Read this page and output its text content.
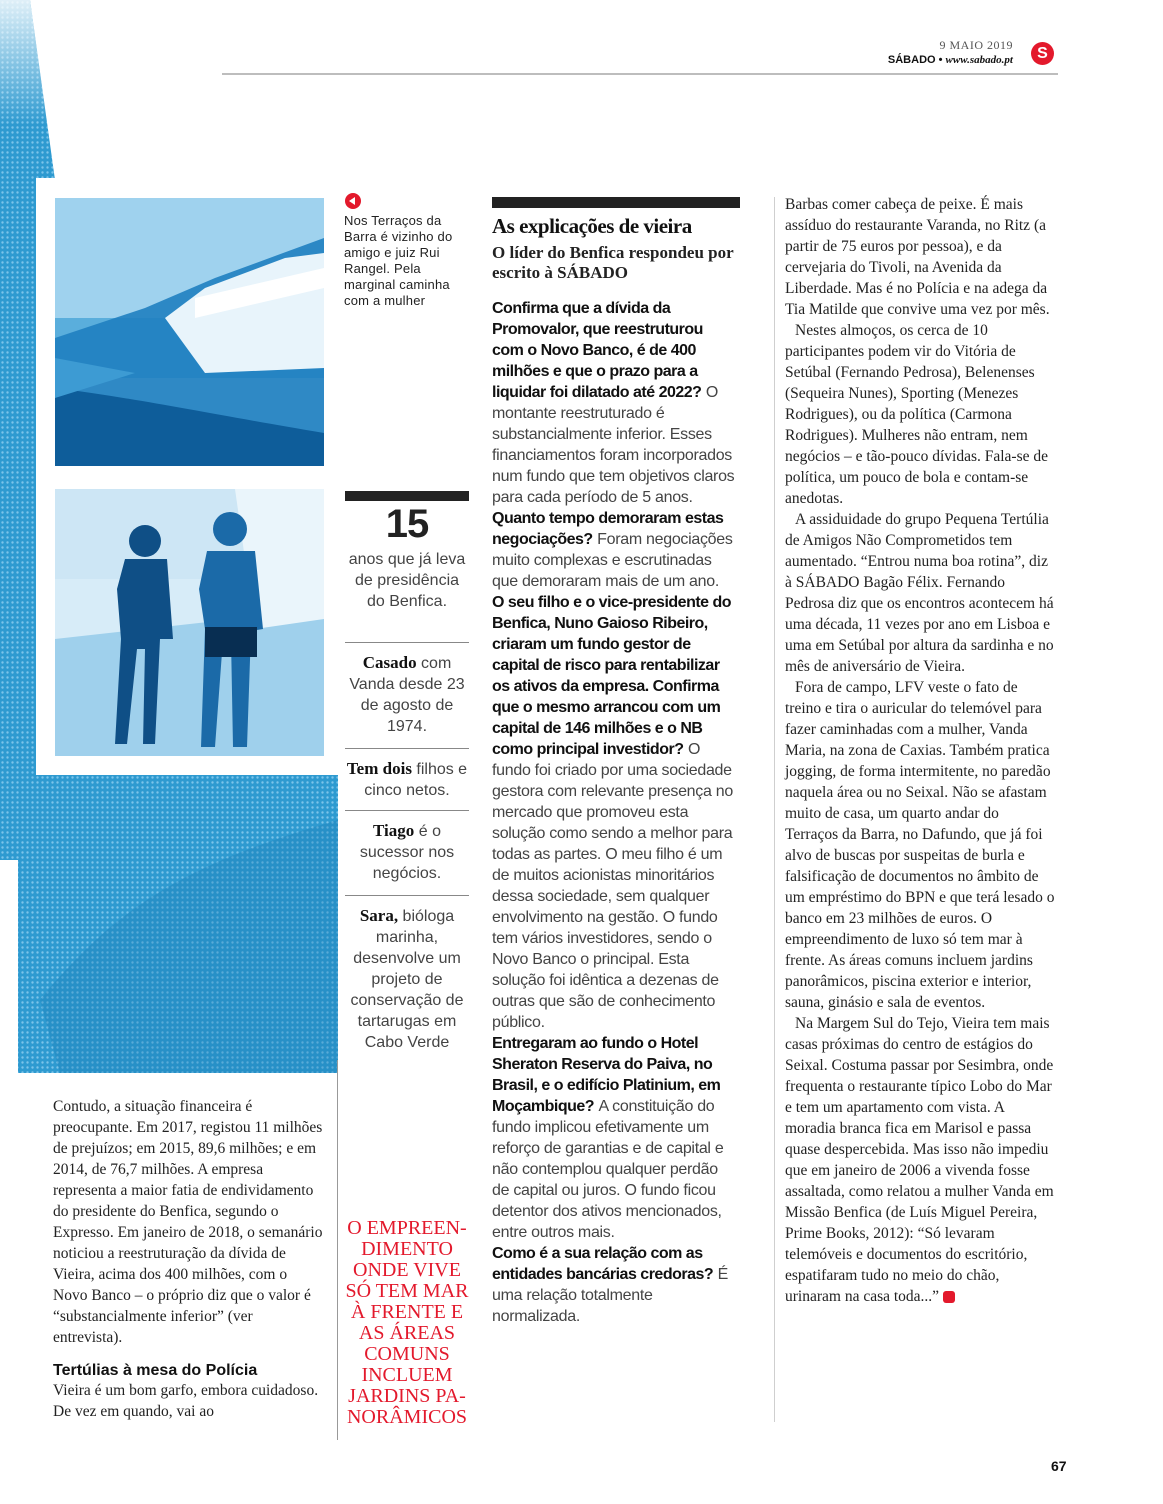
9 MAIO 2019
SÁBADO • www.sabado.pt	S
Nos Terraços da Barra é vizinho do amigo e juiz Rui Rangel. Pela marginal caminha com a mulher
15
anos que já leva de presidência do Benfica.
Casado com Vanda desde 23 de agosto de 1974.
Tem dois filhos e cinco netos.
Tiago é o sucessor nos negócios.
Sara, bióloga marinha, desenvolve um projeto de conservação de tartarugas em Cabo Verde
O EMPREEN-DIMENTO ONDE VIVE SÓ TEM MAR À FRENTE E AS ÁREAS COMUNS INCLUEM JARDINS PA-NORÂMICOS
As explicações de vieira
O líder do Benfica respondeu por escrito à SÁBADO
Confirma que a dívida da Promovalor, que reestruturou com o Novo Banco, é de 400 milhões e que o prazo para a liquidar foi dilatado até 2022? O montante reestruturado é substancialmente inferior. Esses financiamentos foram incorporados num fundo que tem objetivos claros para cada período de 5 anos.
Quanto tempo demoraram estas negociações? Foram negociações muito complexas e escrutinadas que demoraram mais de um ano.
O seu filho e o vice-presidente do Benfica, Nuno Gaioso Ribeiro, criaram um fundo gestor de capital de risco para rentabilizar os ativos da empresa. Confirma que o mesmo arrancou com um capital de 146 milhões e o NB como principal investidor? O fundo foi criado por uma sociedade gestora com relevante presença no mercado que promoveu esta solução como sendo a melhor para todas as partes. O meu filho é um de muitos acionistas minoritários dessa sociedade, sem qualquer envolvimento na gestão. O fundo tem vários investidores, sendo o Novo Banco o principal. Esta solução foi idêntica a dezenas de outras que são de conhecimento público.
Entregaram ao fundo o Hotel Sheraton Reserva do Paiva, no Brasil, e o edifício Platinium, em Moçambique? A constituição do fundo implicou efetivamente um reforço de garantias e de capital e não contemplou qualquer perdão de capital ou juros. O fundo ficou detentor dos ativos mencionados, entre outros mais.
Como é a sua relação com as entidades bancárias credoras? É uma relação totalmente normalizada.

Contudo, a situação financeira é preocupante. Em 2017, registou 11 milhões de prejuízos; em 2015, 89,6 milhões; e em 2014, de 76,7 milhões. A empresa representa a maior fatia de endividamento do presidente do Benfica, segundo o Expresso. Em janeiro de 2018, o semanário noticiou a reestruturação da dívida de Vieira, acima dos 400 milhões, com o Novo Banco – o próprio diz que o valor é “substancialmente inferior” (ver entrevista).

Tertúlias à mesa do Polícia

Vieira é um bom garfo, embora cuidadoso. De vez em quando, vai ao

Barbas comer cabeça de peixe. É mais assíduo do restaurante Varanda, no Ritz (a partir de 75 euros por pessoa), e da cervejaria do Tivoli, na Avenida da Liberdade. Mas é no Polícia e na adega da Tia Matilde que convive uma vez por mês.

Nestes almoços, os cerca de 10 participantes podem vir do Vitória de Setúbal (Fernando Pedrosa), Belenenses (Sequeira Nunes), Sporting (Menezes Rodrigues), ou da política (Carmona Rodrigues). Mulheres não entram, nem negócios – e tão-pouco dívidas. Fala-se de política, um pouco de bola e contam-se anedotas.

A assiduidade do grupo Pequena Tertúlia de Amigos Não Comprometidos tem aumentado. “Entrou numa boa rotina”, diz à SÁBADO Bagão Félix. Fernando Pedrosa diz que os encontros acontecem há uma década, 11 vezes por ano em Lisboa e uma em Setúbal por altura da sardinha e no mês de aniversário de Vieira.

Fora de campo, LFV veste o fato de treino e tira o auricular do telemóvel para fazer caminhadas com a mulher, Vanda Maria, na zona de Caxias. Também pratica jogging, de forma intermitente, no paredão naquela área ou no Seixal. Não se afastam muito de casa, um quarto andar do Terraços da Barra, no Dafundo, que já foi alvo de buscas por suspeitas de burla e falsificação de documentos no âmbito de um empréstimo do BPN e que terá lesado o banco em 23 milhões de euros. O empreendimento de luxo só tem mar à frente. As áreas comuns incluem jardins panorâmicos, piscina exterior e interior, sauna, ginásio e sala de eventos.

Na Margem Sul do Tejo, Vieira tem mais casas próximas do centro de estágios do Seixal. Costuma passar por Sesimbra, onde frequenta o restaurante típico Lobo do Mar e tem um apartamento com vista. A moradia branca fica em Marisol e passa quase despercebida. Mas isso não impediu que em janeiro de 2006 a vivenda fosse assaltada, como relatou a mulher Vanda em Missão Benfica (de Luís Miguel Pereira, Prime Books, 2012): “Só levaram telemóveis e documentos do escritório, espatifaram tudo no meio do chão, urinaram na casa toda...”

67
